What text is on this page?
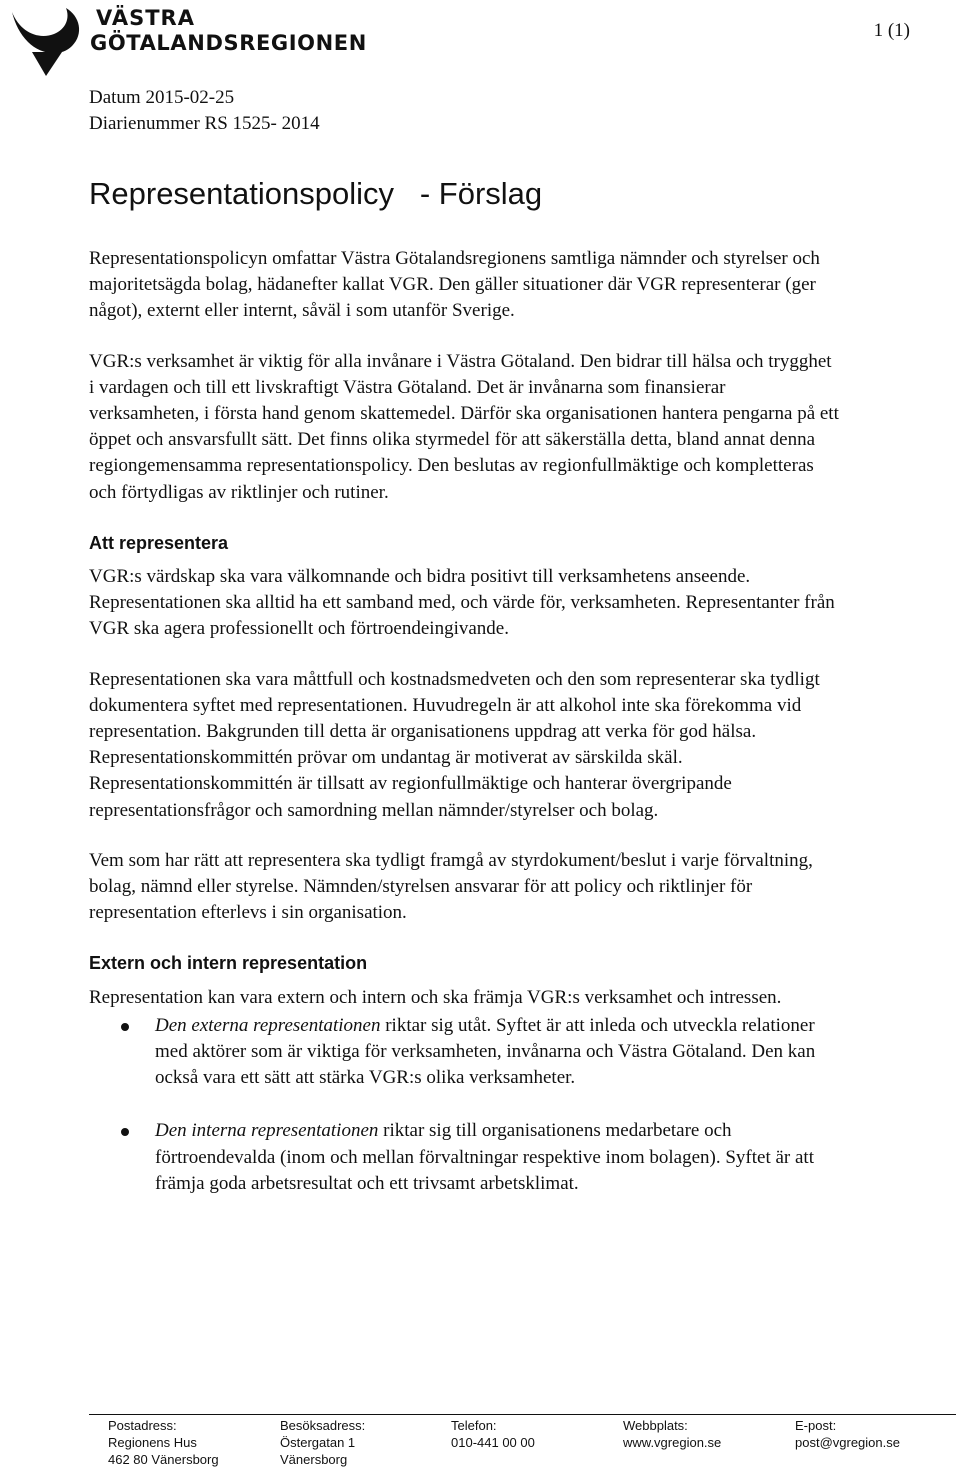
VÄSTRA
GÖTALANDSREGIONEN
1 (1)
Datum 2015-02-25
Diarienummer RS 1525- 2014
Representationspolicy   - Förslag

Representationspolicyn omfattar Västra Götalandsregionens samtliga nämnder och styrelser och majoritetsägda bolag, hädanefter kallat VGR. Den gäller situationer där VGR representerar (ger något), externt eller internt, såväl i som utanför Sverige.

VGR:s verksamhet är viktig för alla invånare i Västra Götaland. Den bidrar till hälsa och trygghet i vardagen och till ett livskraftigt Västra Götaland. Det är invånarna som finansierar verksamheten, i första hand genom skattemedel. Därför ska organisationen hantera pengarna på ett öppet och ansvarsfullt sätt. Det finns olika styrmedel för att säkerställa detta, bland annat denna regiongemensamma representationspolicy. Den beslutas av regionfullmäktige och kompletteras och förtydligas av riktlinjer och rutiner.

Att representera

VGR:s värdskap ska vara välkomnande och bidra positivt till verksamhetens anseende. Representationen ska alltid ha ett samband med, och värde för, verksamheten. Representanter från VGR ska agera professionellt och förtroendeingivande.

Representationen ska vara måttfull och kostnadsmedveten och den som representerar ska tydligt dokumentera syftet med representationen. Huvudregeln är att alkohol inte ska förekomma vid representation. Bakgrunden till detta är organisationens uppdrag att verka för god hälsa. Representationskommittén prövar om undantag är motiverat av särskilda skäl. Representationskommittén är tillsatt av regionfullmäktige och hanterar övergripande representationsfrågor och samordning mellan nämnder/styrelser och bolag.

Vem som har rätt att representera ska tydligt framgå av styrdokument/beslut i varje förvaltning, bolag, nämnd eller styrelse. Nämnden/styrelsen ansvarar för att policy och riktlinjer för representation efterlevs i sin organisation.

Extern och intern representation

Representation kan vara extern och intern och ska främja VGR:s verksamhet och intressen.

Den externa representationen riktar sig utåt. Syftet är att inleda och utveckla relationer med aktörer som är viktiga för verksamheten, invånarna och Västra Götaland. Den kan också vara ett sätt att stärka VGR:s olika verksamheter.
Den interna representationen riktar sig till organisationens medarbetare och förtroendevalda (inom och mellan förvaltningar respektive inom bolagen). Syftet är att främja goda arbetsresultat och ett trivsamt arbetsklimat.
Postadress:
Regionens Hus
462 80 Vänersborg
Besöksadress:
Östergatan 1
Vänersborg
Telefon:
010-441 00 00
Webbplats:
www.vgregion.se
E-post:
post@vgregion.se
